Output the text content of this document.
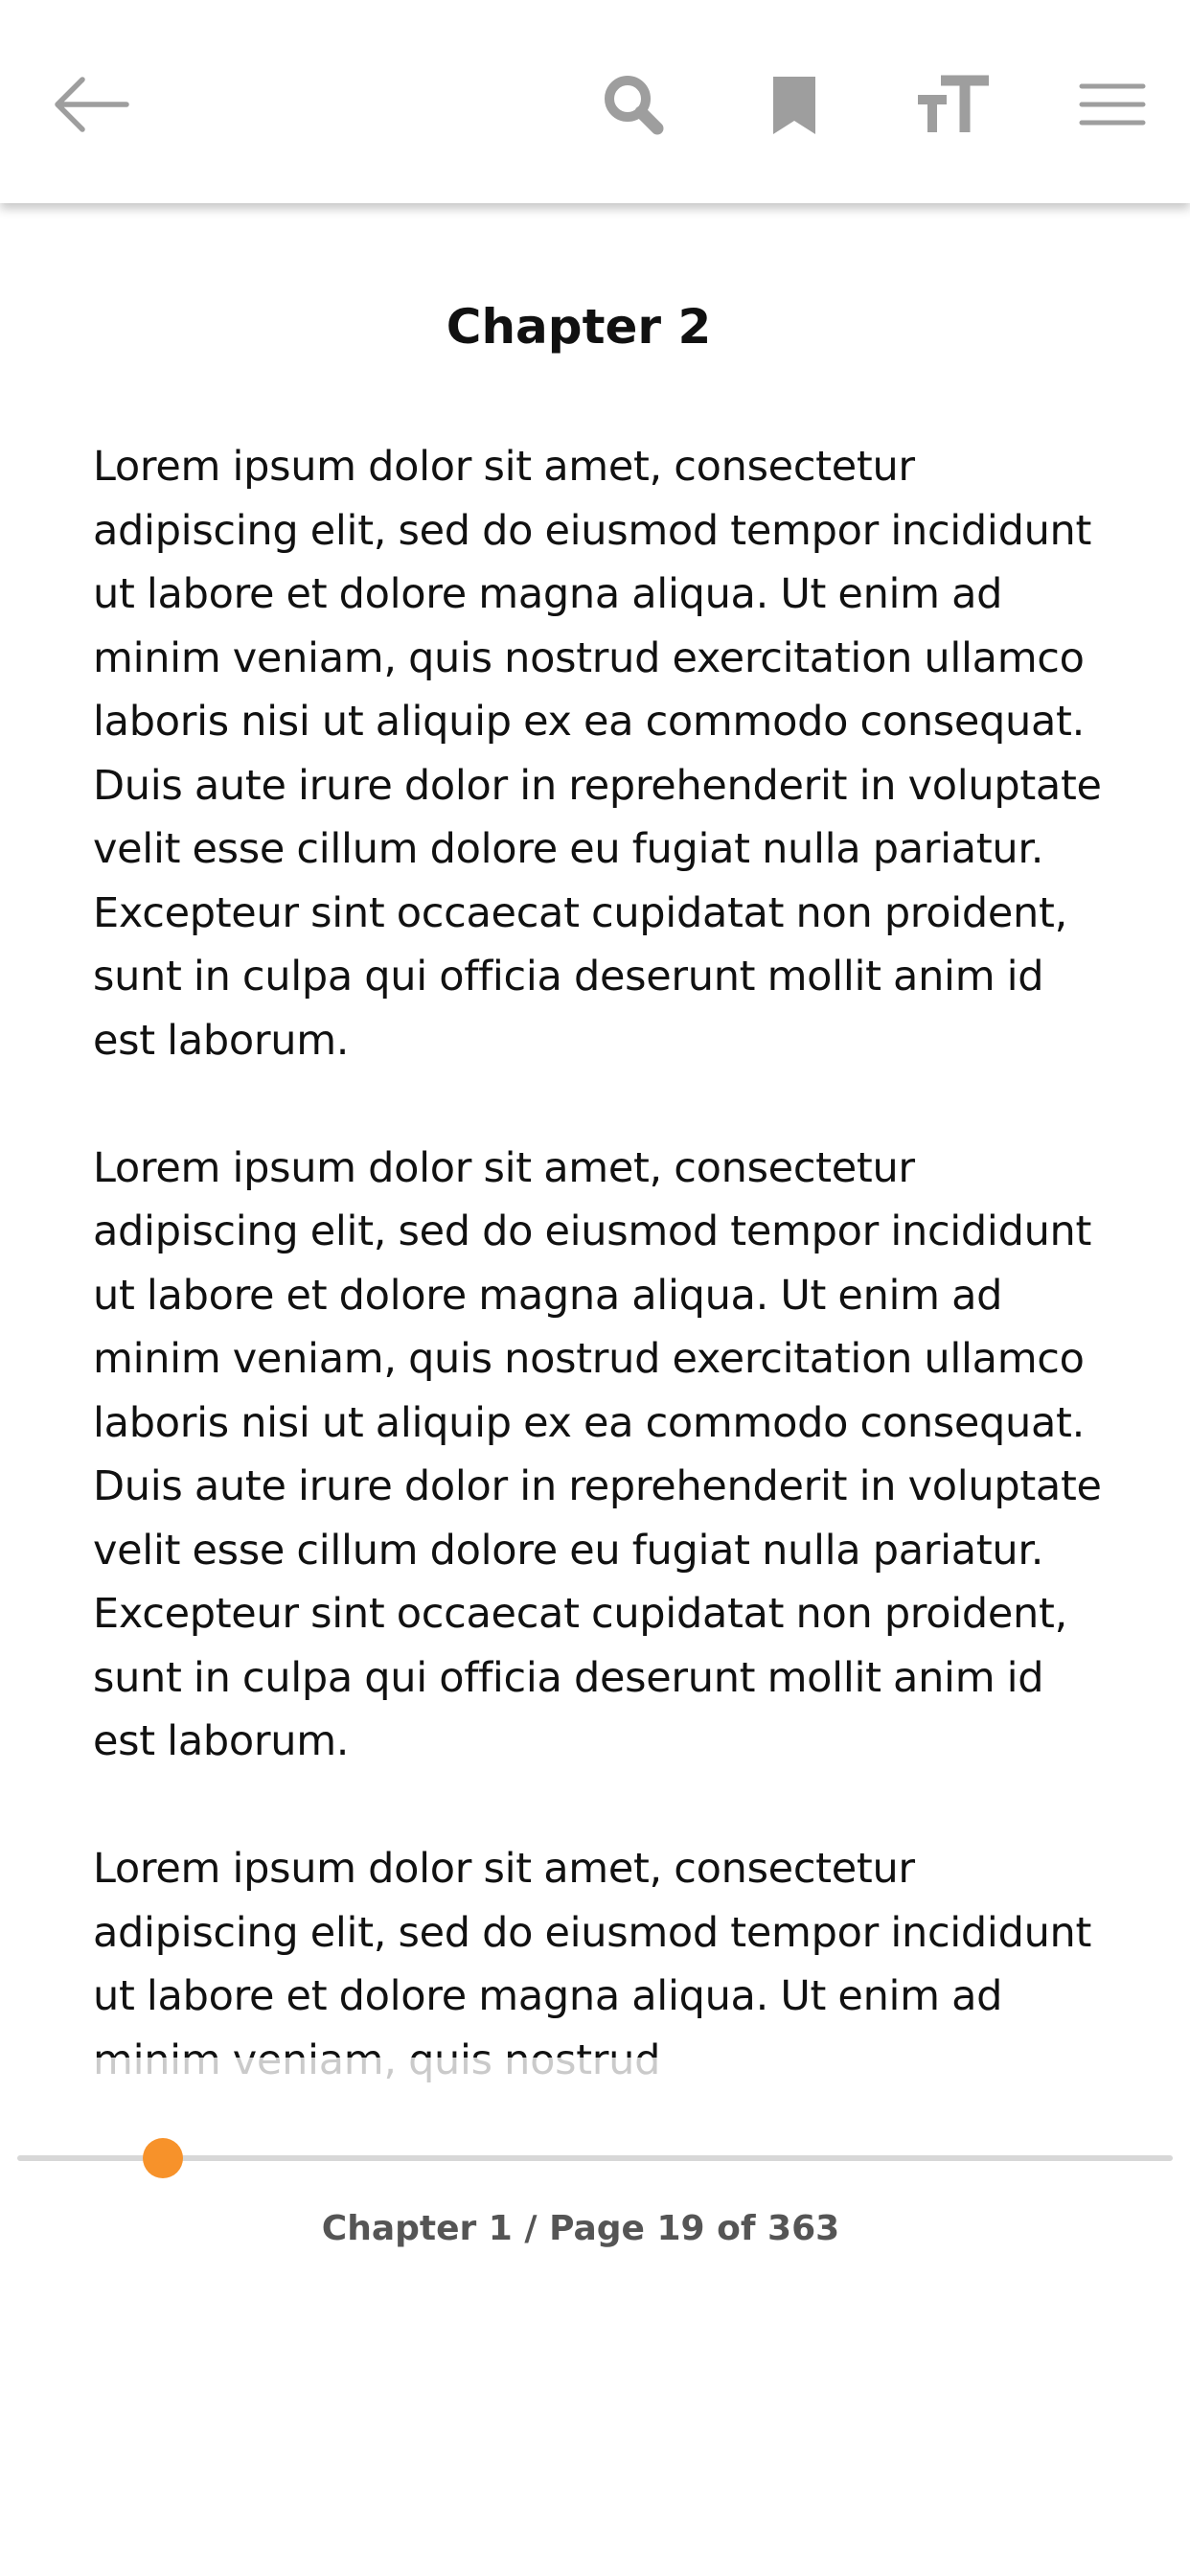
Chapter 2

Lorem ipsum dolor sit amet, consectetur adipiscing elit, sed do eiusmod tempor incididunt ut labore et dolore magna aliqua. Ut enim ad minim veniam, quis nostrud exercitation ullamco laboris nisi ut aliquip ex ea commodo consequat. Duis aute irure dolor in reprehenderit in voluptate velit esse cillum dolore eu fugiat nulla pariatur. Excepteur sint occaecat cupidatat non proident, sunt in culpa qui officia deserunt mollit anim id est laborum.

Lorem ipsum dolor sit amet, consectetur adipiscing elit, sed do eiusmod tempor incididunt ut labore et dolore magna aliqua. Ut enim ad minim veniam, quis nostrud exercitation ullamco laboris nisi ut aliquip ex ea commodo consequat. Duis aute irure dolor in reprehenderit in voluptate velit esse cillum dolore eu fugiat nulla pariatur. Excepteur sint occaecat cupidatat non proident, sunt in culpa qui officia deserunt mollit anim id est laborum.

Lorem ipsum dolor sit amet, consectetur adipiscing elit, sed do eiusmod tempor incididunt ut labore et dolore magna aliqua. Ut enim ad

Chapter 1 / Page 19 of 363
